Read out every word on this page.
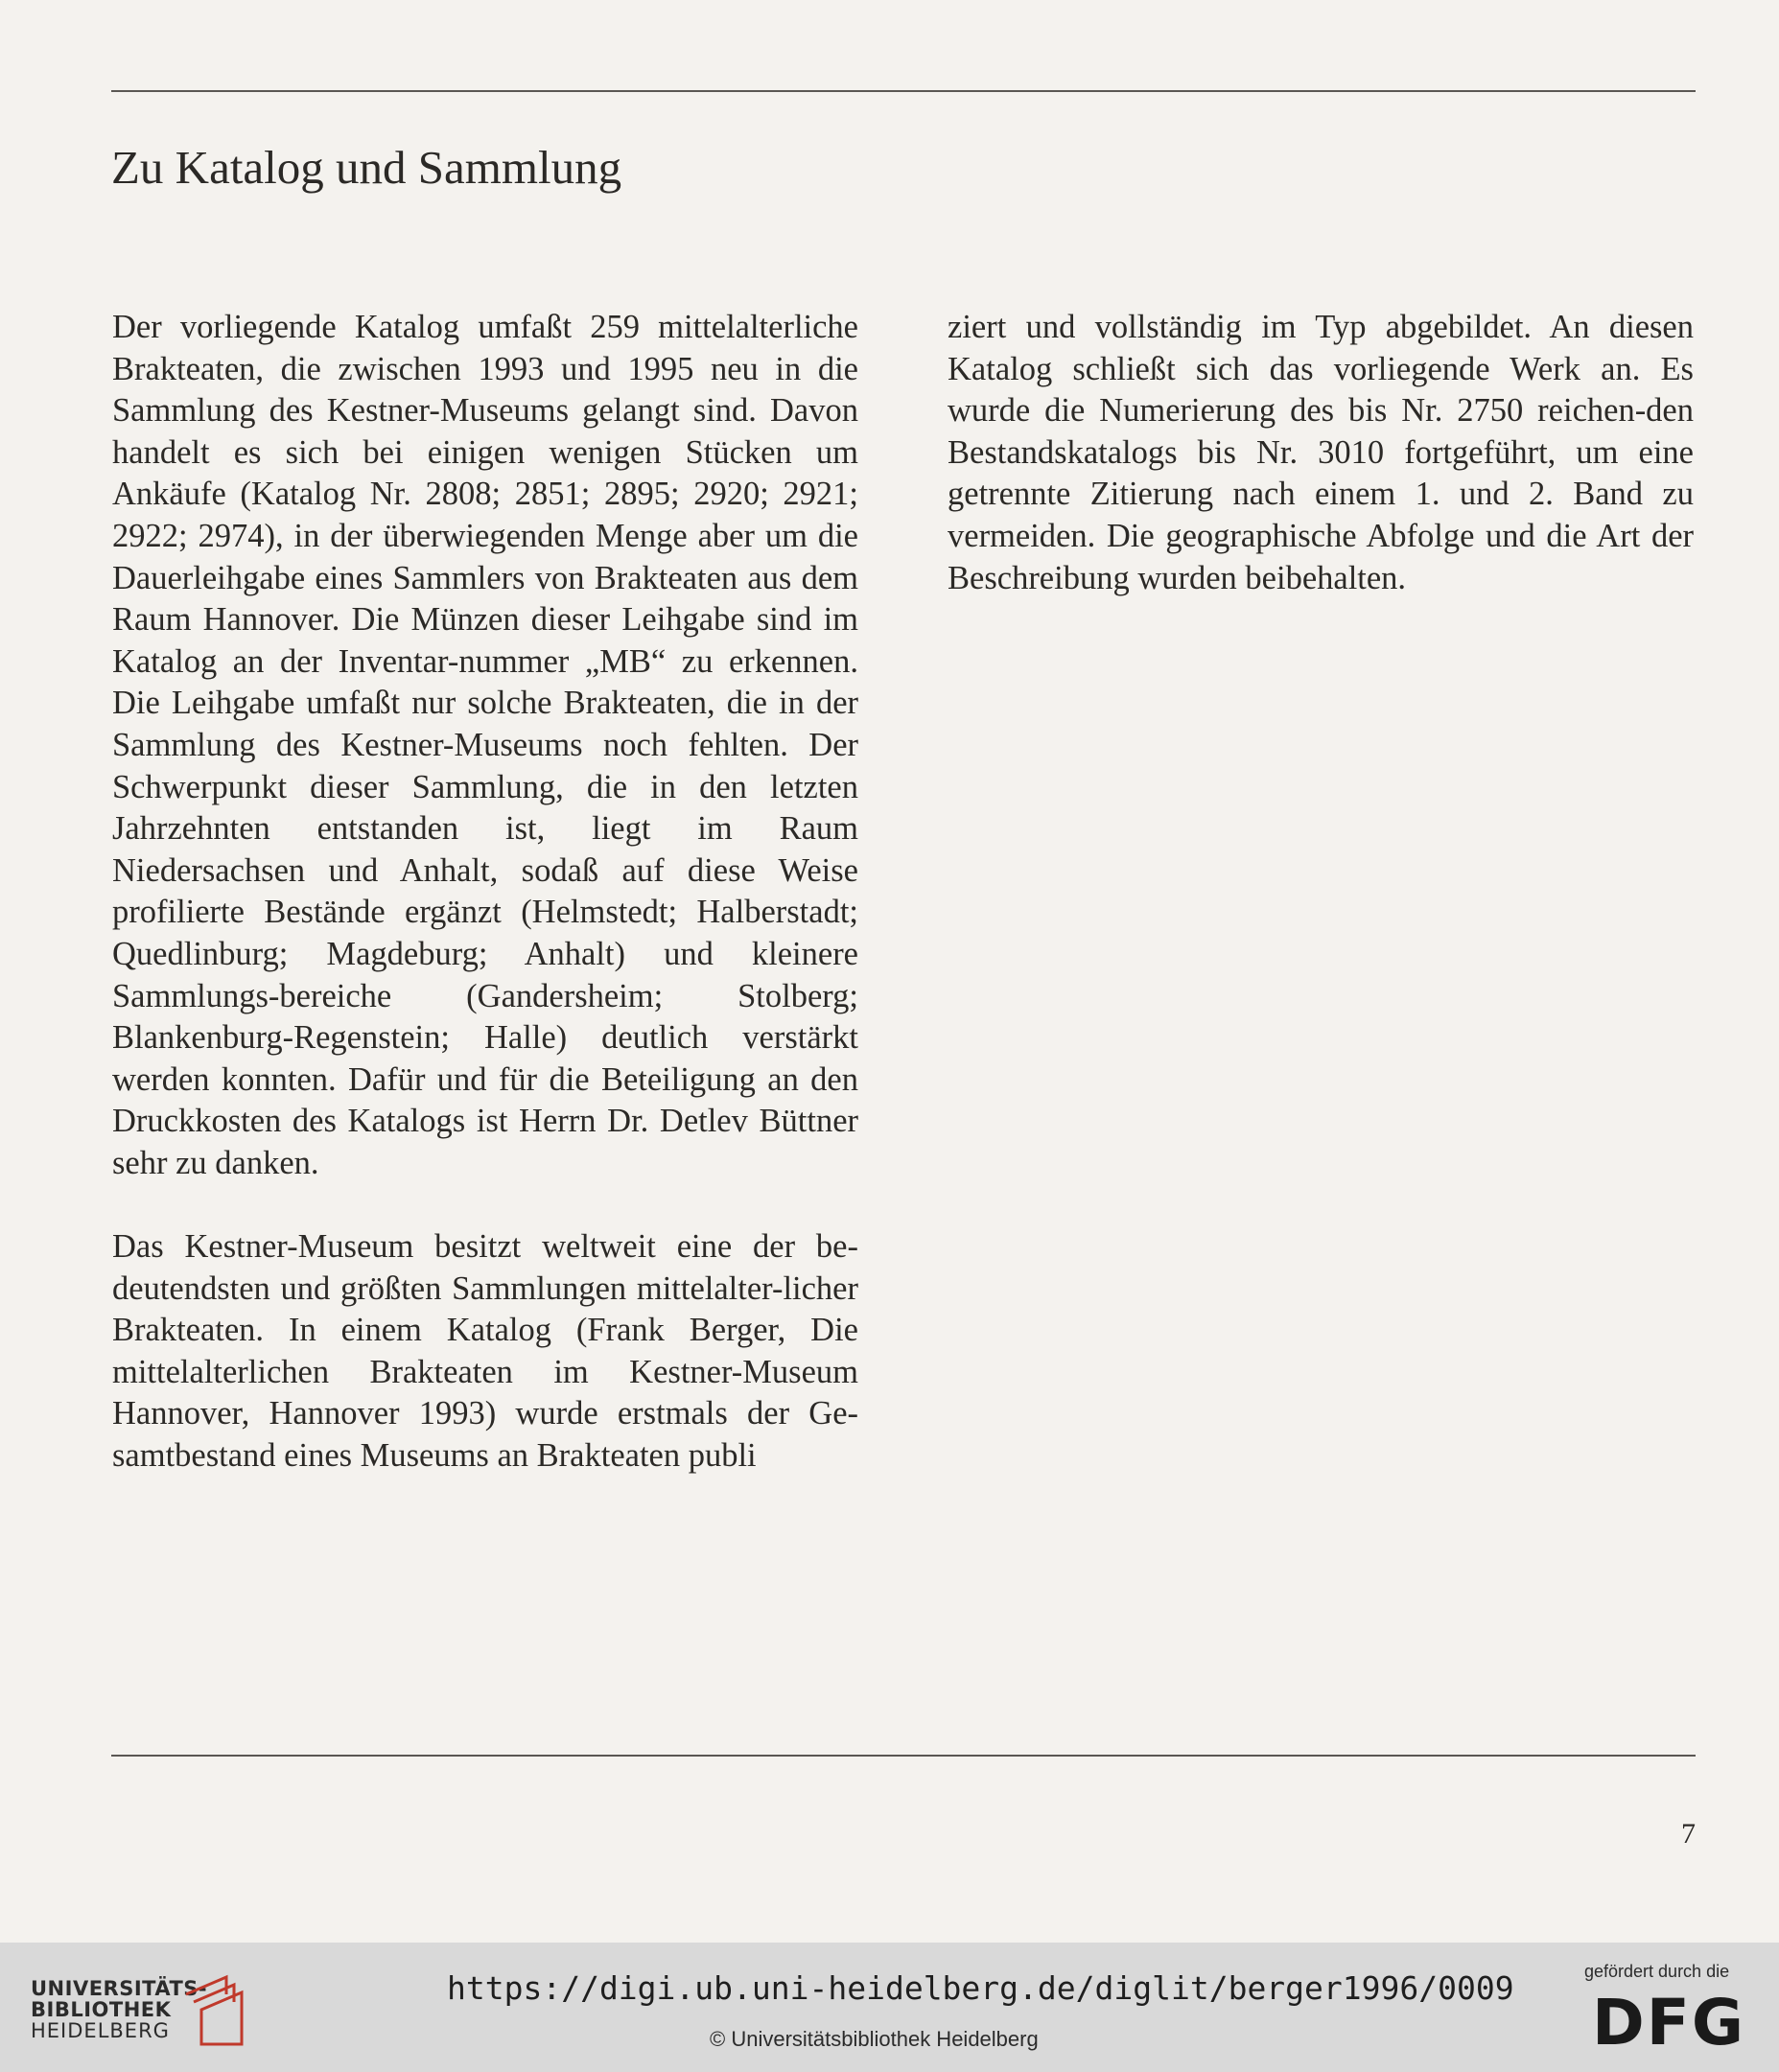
Zu Katalog und Sammlung

Der vorliegende Katalog umfaßt 259 mittelalterliche Brakteaten, die zwischen 1993 und 1995 neu in die Sammlung des Kestner-Museums gelangt sind. Davon handelt es sich bei einigen wenigen Stücken um Ankäufe (Katalog Nr. 2808; 2851; 2895; 2920; 2921; 2922; 2974), in der überwiegenden Menge aber um die Dauerleihgabe eines Sammlers von Brakteaten aus dem Raum Hannover. Die Münzen dieser Leihgabe sind im Katalog an der Inventar-nummer „MB“ zu erkennen. Die Leihgabe umfaßt nur solche Brakteaten, die in der Sammlung des Kestner-Museums noch fehlten. Der Schwerpunkt dieser Sammlung, die in den letzten Jahrzehnten entstanden ist, liegt im Raum Niedersachsen und Anhalt, sodaß auf diese Weise profilierte Bestände ergänzt (Helmstedt; Halberstadt; Quedlinburg; Magdeburg; Anhalt) und kleinere Sammlungs-bereiche (Gandersheim; Stolberg; Blankenburg-Regenstein; Halle) deutlich verstärkt werden konnten. Dafür und für die Beteiligung an den Druckkosten des Katalogs ist Herrn Dr. Detlev Büttner sehr zu danken.

Das Kestner-Museum besitzt weltweit eine der be-deutendsten und größten Sammlungen mittelalter-licher Brakteaten. In einem Katalog (Frank Berger, Die mittelalterlichen Brakteaten im Kestner-Museum Hannover, Hannover 1993) wurde erstmals der Ge-samtbestand eines Museums an Brakteaten publi

ziert und vollständig im Typ abgebildet. An diesen Katalog schließt sich das vorliegende Werk an. Es wurde die Numerierung des bis Nr. 2750 reichen-den Bestandskatalogs bis Nr. 3010 fortgeführt, um eine getrennte Zitierung nach einem 1. und 2. Band zu vermeiden. Die geographische Abfolge und die Art der Beschreibung wurden beibehalten.

7
UNIVERSITÄTS-
BIBLIOTHEK
HEIDELBERG
https://digi.ub.uni-heidelberg.de/diglit/berger1996/0009
© Universitätsbibliothek Heidelberg
gefördert durch die
DFG
